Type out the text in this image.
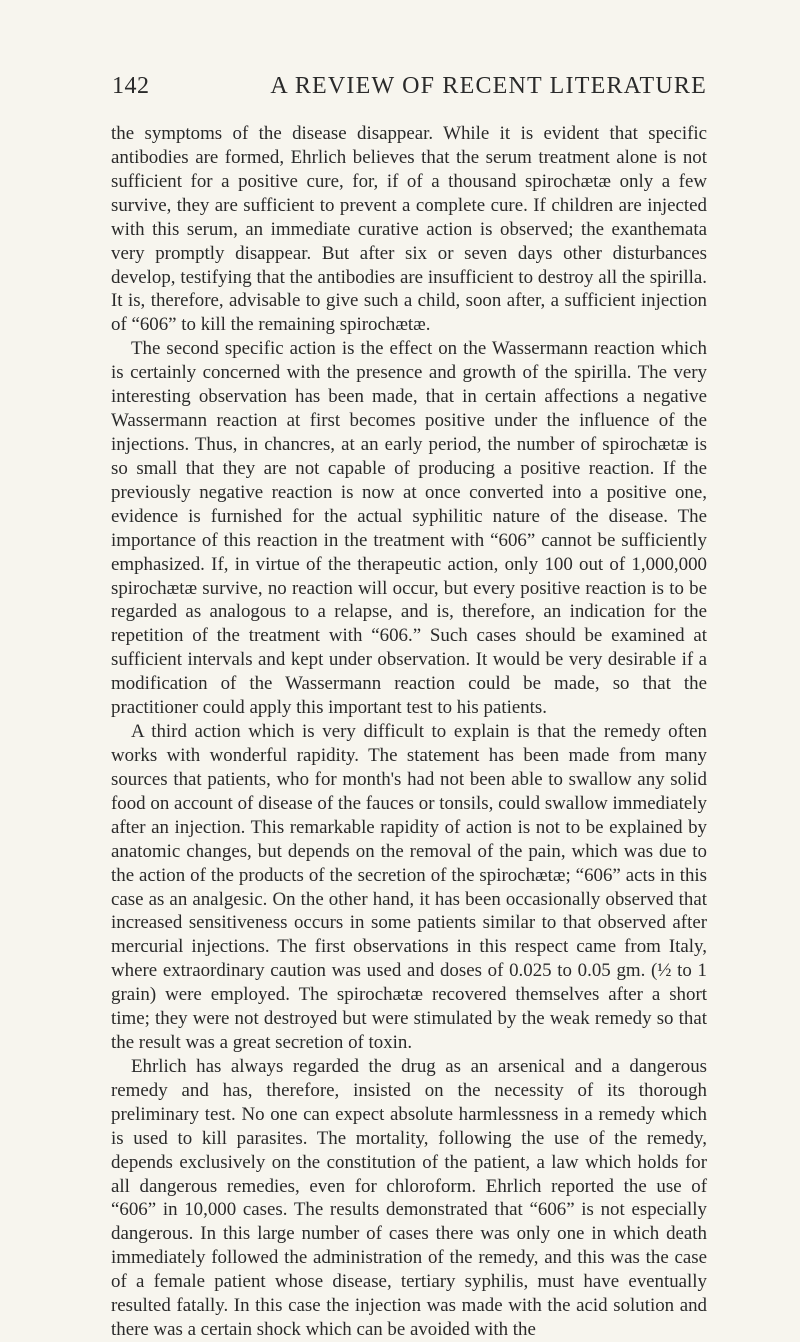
142	A REVIEW OF RECENT LITERATURE

the symptoms of the disease disappear. While it is evident that specific antibodies are formed, Ehrlich believes that the serum treatment alone is not sufficient for a positive cure, for, if of a thousand spirochætæ only a few survive, they are sufficient to prevent a complete cure. If children are injected with this serum, an immediate curative action is observed; the exanthemata very promptly disappear. But after six or seven days other disturbances develop, testifying that the antibodies are insufficient to destroy all the spirilla. It is, therefore, advisable to give such a child, soon after, a sufficient injection of “606” to kill the remaining spirochætæ.

The second specific action is the effect on the Wassermann reaction which is certainly concerned with the presence and growth of the spirilla. The very interesting observation has been made, that in certain affections a negative Wassermann reaction at first becomes positive under the influence of the injections. Thus, in chancres, at an early period, the number of spirochætæ is so small that they are not capable of producing a positive reaction. If the previously negative reaction is now at once converted into a positive one, evidence is furnished for the actual syphilitic nature of the disease. The importance of this reaction in the treatment with “606” cannot be sufficiently emphasized. If, in virtue of the therapeutic action, only 100 out of 1,000,000 spirochætæ survive, no reaction will occur, but every positive reaction is to be regarded as analogous to a relapse, and is, therefore, an indication for the repetition of the treatment with “606.” Such cases should be examined at sufficient intervals and kept under observation. It would be very desirable if a modification of the Wassermann reaction could be made, so that the practitioner could apply this important test to his patients.

A third action which is very difficult to explain is that the remedy often works with wonderful rapidity. The statement has been made from many sources that patients, who for month's had not been able to swallow any solid food on account of disease of the fauces or tonsils, could swallow immediately after an injection. This remarkable rapidity of action is not to be explained by anatomic changes, but depends on the removal of the pain, which was due to the action of the products of the secretion of the spirochætæ; “606” acts in this case as an analgesic. On the other hand, it has been occasionally observed that increased sensitiveness occurs in some patients similar to that observed after mercurial injections. The first observations in this respect came from Italy, where extraordinary caution was used and doses of 0.025 to 0.05 gm. (½ to 1 grain) were employed. The spirochætæ recovered themselves after a short time; they were not destroyed but were stimulated by the weak remedy so that the result was a great secretion of toxin.

Ehrlich has always regarded the drug as an arsenical and a dangerous remedy and has, therefore, insisted on the necessity of its thorough preliminary test. No one can expect absolute harmlessness in a remedy which is used to kill parasites. The mortality, following the use of the remedy, depends exclusively on the constitution of the patient, a law which holds for all dangerous remedies, even for chloroform. Ehrlich reported the use of “606” in 10,000 cases. The results demonstrated that “606” is not especially dangerous. In this large number of cases there was only one in which death immediately followed the administration of the remedy, and this was the case of a female patient whose disease, tertiary syphilis, must have eventually resulted fatally. In this case the injection was made with the acid solution and there was a certain shock which can be avoided with the
